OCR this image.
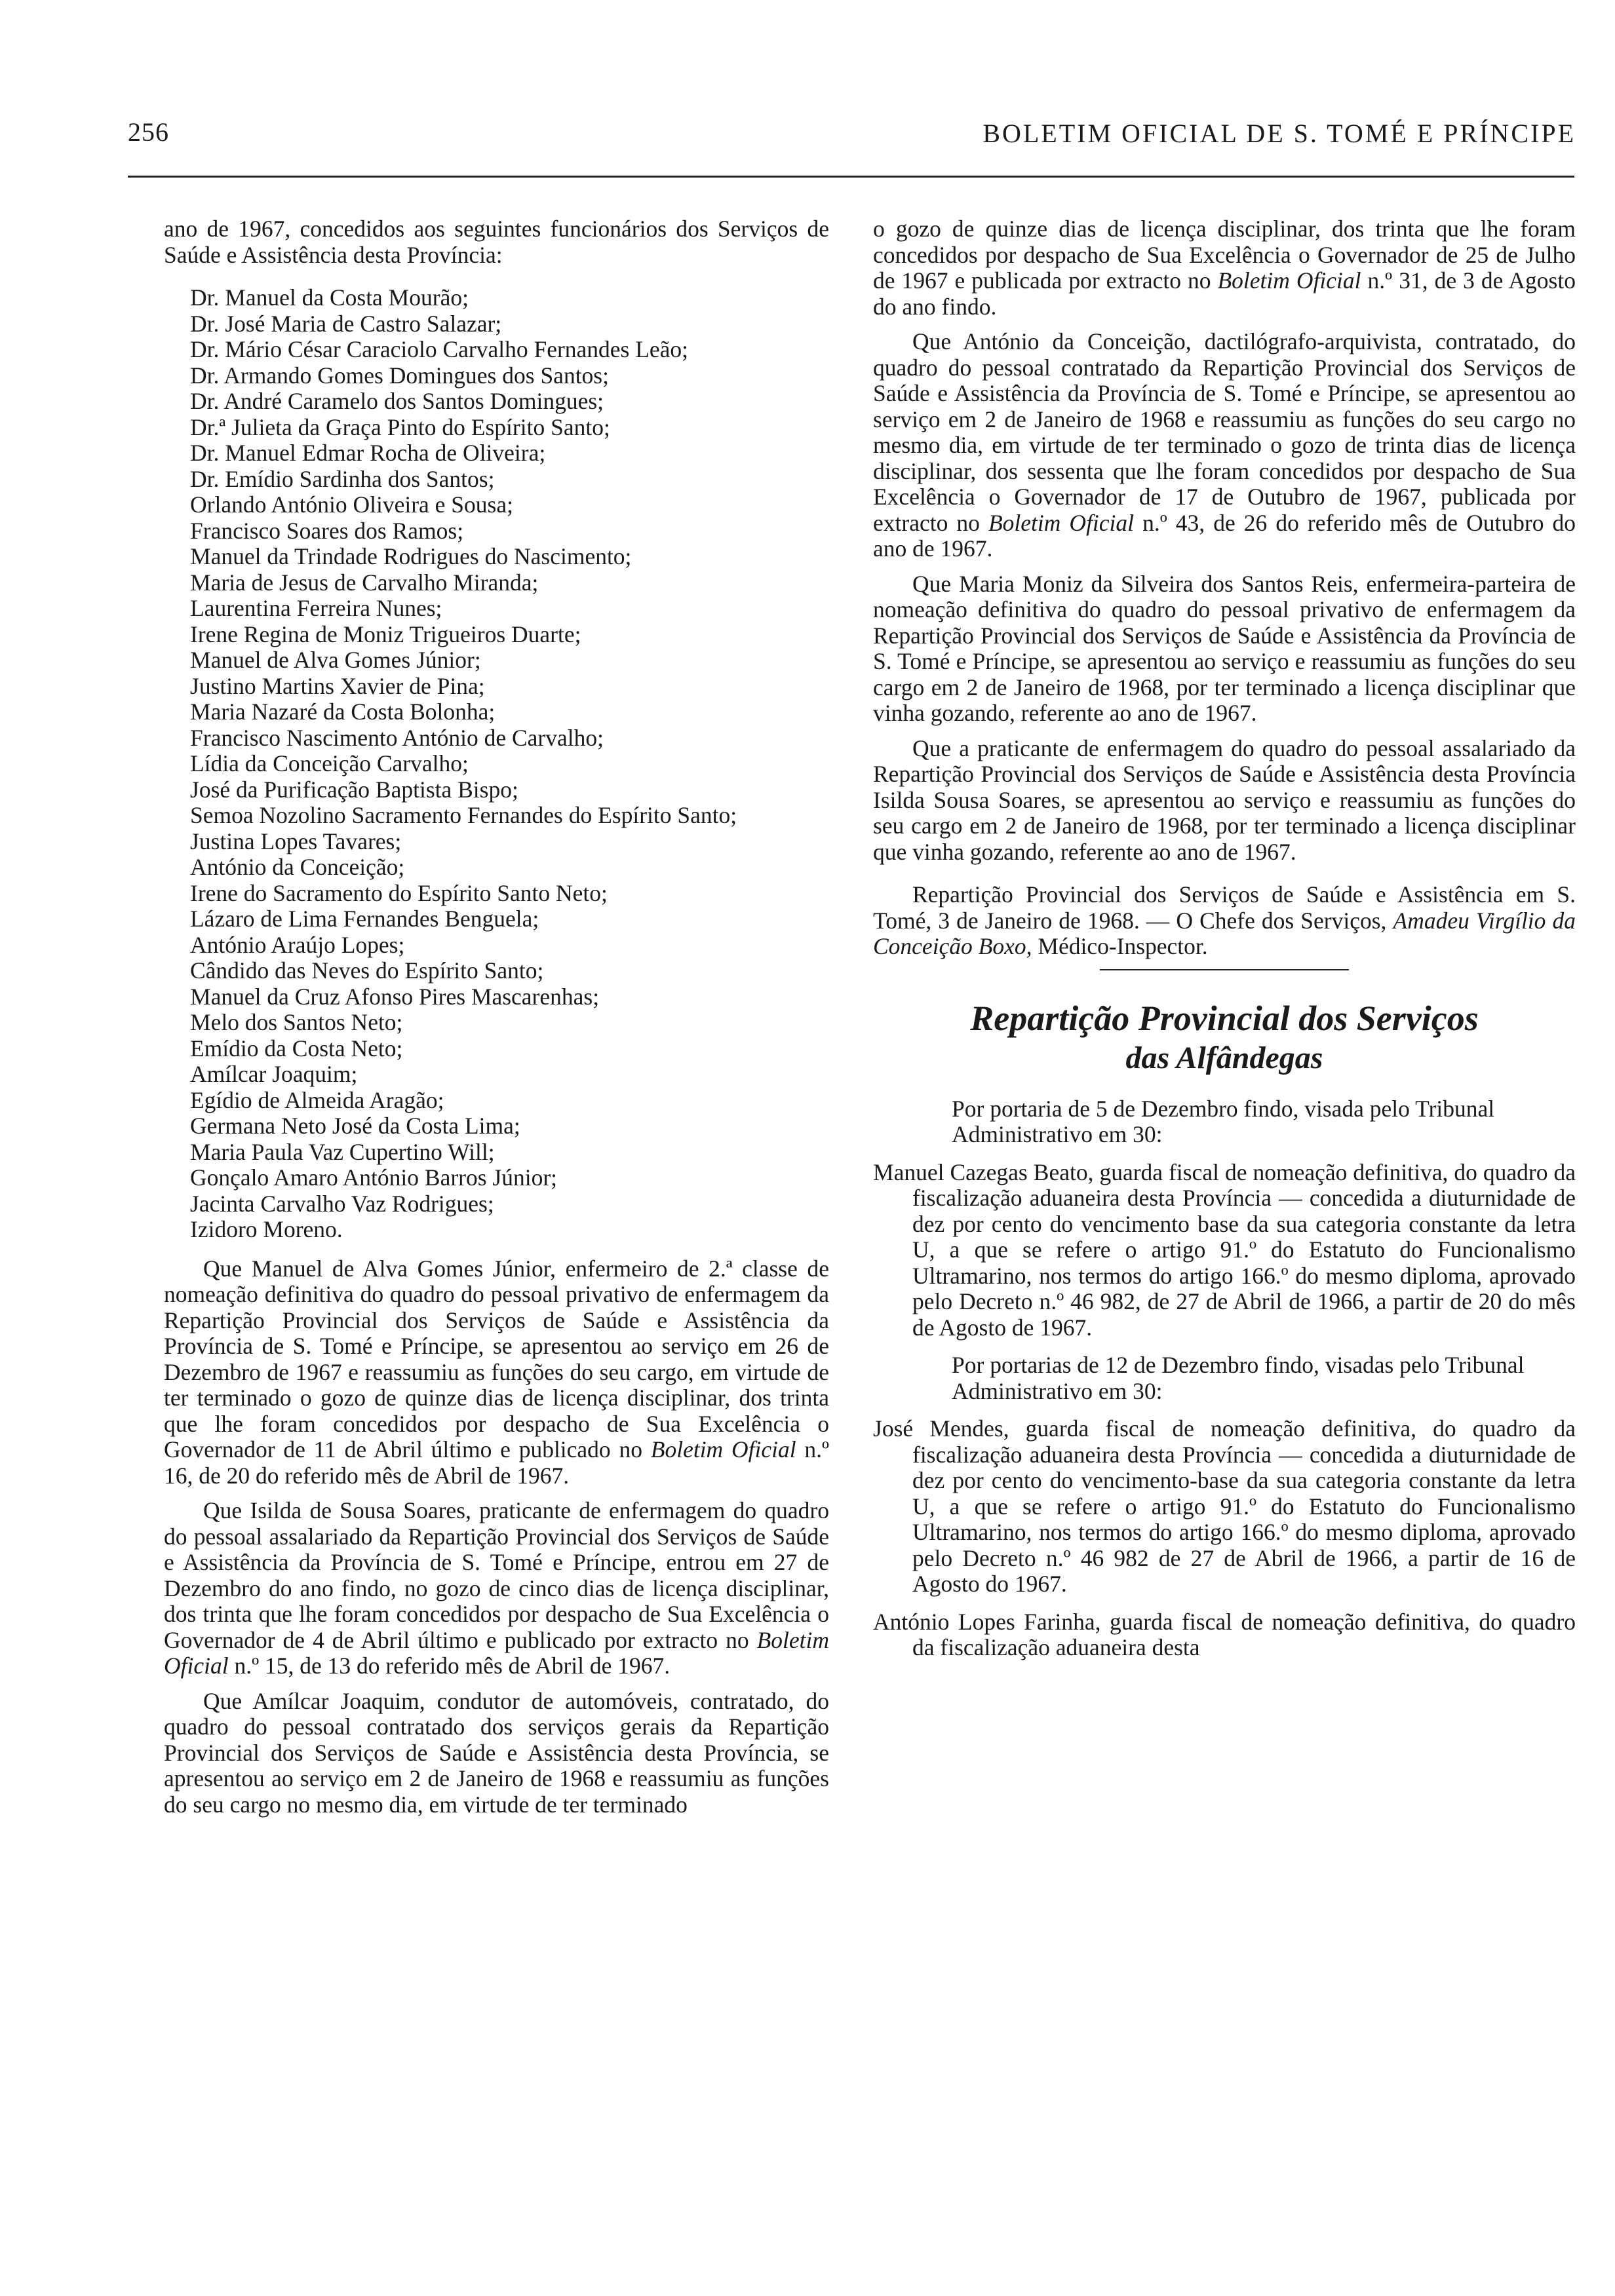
256	BOLETIM OFICIAL DE S. TOMÉ E PRÍNCIPE

ano de 1967, concedidos aos seguintes funcionários dos Serviços de Saúde e Assistência desta Província:

Dr. Manuel da Costa Mourão;
Dr. José Maria de Castro Salazar;
Dr. Mário César Caraciolo Carvalho Fernandes Leão;
Dr. Armando Gomes Domingues dos Santos;
Dr. André Caramelo dos Santos Domingues;
Dr.ª Julieta da Graça Pinto do Espírito Santo;
Dr. Manuel Edmar Rocha de Oliveira;
Dr. Emídio Sardinha dos Santos;
Orlando António Oliveira e Sousa;
Francisco Soares dos Ramos;
Manuel da Trindade Rodrigues do Nascimento;
Maria de Jesus de Carvalho Miranda;
Laurentina Ferreira Nunes;
Irene Regina de Moniz Trigueiros Duarte;
Manuel de Alva Gomes Júnior;
Justino Martins Xavier de Pina;
Maria Nazaré da Costa Bolonha;
Francisco Nascimento António de Carvalho;
Lídia da Conceição Carvalho;
José da Purificação Baptista Bispo;
Semoa Nozolino Sacramento Fernandes do Espírito Santo;
Justina Lopes Tavares;
António da Conceição;
Irene do Sacramento do Espírito Santo Neto;
Lázaro de Lima Fernandes Benguela;
António Araújo Lopes;
Cândido das Neves do Espírito Santo;
Manuel da Cruz Afonso Pires Mascarenhas;
Melo dos Santos Neto;
Emídio da Costa Neto;
Amílcar Joaquim;
Egídio de Almeida Aragão;
Germana Neto José da Costa Lima;
Maria Paula Vaz Cupertino Will;
Gonçalo Amaro António Barros Júnior;
Jacinta Carvalho Vaz Rodrigues;
Izidoro Moreno.

Que Manuel de Alva Gomes Júnior, enfermeiro de 2.ª classe de nomeação definitiva do quadro do pessoal privativo de enfermagem da Repartição Provincial dos Serviços de Saúde e Assistência da Província de S. Tomé e Príncipe, se apresentou ao serviço em 26 de Dezembro de 1967 e reassumiu as funções do seu cargo, em virtude de ter terminado o gozo de quinze dias de licença disciplinar, dos trinta que lhe foram concedidos por despacho de Sua Excelência o Governador de 11 de Abril último e publicado no Boletim Oficial n.º 16, de 20 do referido mês de Abril de 1967.

Que Isilda de Sousa Soares, praticante de enfermagem do quadro do pessoal assalariado da Repartição Provincial dos Serviços de Saúde e Assistência da Província de S. Tomé e Príncipe, entrou em 27 de Dezembro do ano findo, no gozo de cinco dias de licença disciplinar, dos trinta que lhe foram concedidos por despacho de Sua Excelência o Governador de 4 de Abril último e publicado por extracto no Boletim Oficial n.º 15, de 13 do referido mês de Abril de 1967.

Que Amílcar Joaquim, condutor de automóveis, contratado, do quadro do pessoal contratado dos serviços gerais da Repartição Provincial dos Serviços de Saúde e Assistência desta Província, se apresentou ao serviço em 2 de Janeiro de 1968 e reassumiu as funções do seu cargo no mesmo dia, em virtude de ter terminado

o gozo de quinze dias de licença disciplinar, dos trinta que lhe foram concedidos por despacho de Sua Excelência o Governador de 25 de Julho de 1967 e publicada por extracto no Boletim Oficial n.º 31, de 3 de Agosto do ano findo.

Que António da Conceição, dactilógrafo-arquivista, contratado, do quadro do pessoal contratado da Repartição Provincial dos Serviços de Saúde e Assistência da Província de S. Tomé e Príncipe, se apresentou ao serviço em 2 de Janeiro de 1968 e reassumiu as funções do seu cargo no mesmo dia, em virtude de ter terminado o gozo de trinta dias de licença disciplinar, dos sessenta que lhe foram concedidos por despacho de Sua Excelência o Governador de 17 de Outubro de 1967, publicada por extracto no Boletim Oficial n.º 43, de 26 do referido mês de Outubro do ano de 1967.

Que Maria Moniz da Silveira dos Santos Reis, enfermeira-parteira de nomeação definitiva do quadro do pessoal privativo de enfermagem da Repartição Provincial dos Serviços de Saúde e Assistência da Província de S. Tomé e Príncipe, se apresentou ao serviço e reassumiu as funções do seu cargo em 2 de Janeiro de 1968, por ter terminado a licença disciplinar que vinha gozando, referente ao ano de 1967.

Que a praticante de enfermagem do quadro do pessoal assalariado da Repartição Provincial dos Serviços de Saúde e Assistência desta Província Isilda Sousa Soares, se apresentou ao serviço e reassumiu as funções do seu cargo em 2 de Janeiro de 1968, por ter terminado a licença disciplinar que vinha gozando, referente ao ano de 1967.

Repartição Provincial dos Serviços de Saúde e Assistência em S. Tomé, 3 de Janeiro de 1968. — O Chefe dos Serviços, Amadeu Virgílio da Conceição Boxo, Médico-Inspector.

Repartição Provincial dos Serviços
das Alfândegas

Por portaria de 5 de Dezembro findo, visada pelo Tribunal Administrativo em 30:

Manuel Cazegas Beato, guarda fiscal de nomeação definitiva, do quadro da fiscalização aduaneira desta Província — concedida a diuturnidade de dez por cento do vencimento base da sua categoria constante da letra U, a que se refere o artigo 91.º do Estatuto do Funcionalismo Ultramarino, nos termos do artigo 166.º do mesmo diploma, aprovado pelo Decreto n.º 46 982, de 27 de Abril de 1966, a partir de 20 do mês de Agosto de 1967.

Por portarias de 12 de Dezembro findo, visadas pelo Tribunal Administrativo em 30:

José Mendes, guarda fiscal de nomeação definitiva, do quadro da fiscalização aduaneira desta Província — concedida a diuturnidade de dez por cento do vencimento-base da sua categoria constante da letra U, a que se refere o artigo 91.º do Estatuto do Funcionalismo Ultramarino, nos termos do artigo 166.º do mesmo diploma, aprovado pelo Decreto n.º 46 982 de 27 de Abril de 1966, a partir de 16 de Agosto do 1967.

António Lopes Farinha, guarda fiscal de nomeação definitiva, do quadro da fiscalização aduaneira desta
